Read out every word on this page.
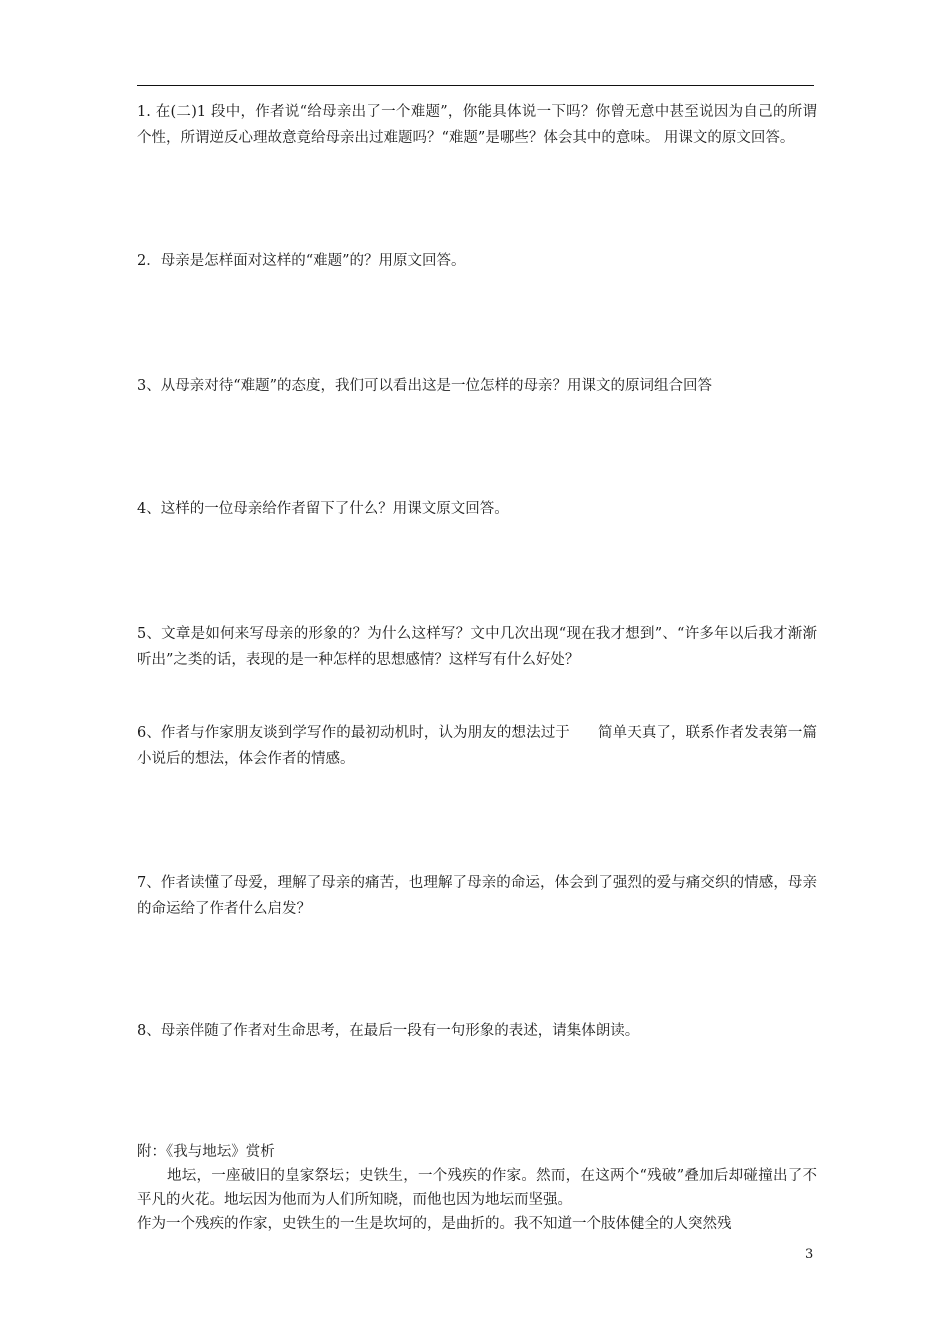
1. 在(二)1 段中，作者说“给母亲出了一个难题”，你能具体说一下吗？你曾无意中甚至说因为自己的所谓个性，所谓逆反心理故意竟给母亲出过难题吗？“难题”是哪些？体会其中的意味。 用课文的原文回答。

2．母亲是怎样面对这样的“难题”的？用原文回答。

3、从母亲对待“难题”的态度，我们可以看出这是一位怎样的母亲？用课文的原词组合回答

4、这样的一位母亲给作者留下了什么？用课文原文回答。

5、文章是如何来写母亲的形象的？为什么这样写？文中几次出现“现在我才想到”、“许多年以后我才渐渐听出”之类的话，表现的是一种怎样的思想感情？这样写有什么好处？

6、作者与作家朋友谈到学写作的最初动机时，认为朋友的想法过于 简单天真了，联系作者发表第一篇小说后的想法，体会作者的情感。

7、作者读懂了母爱，理解了母亲的痛苦，也理解了母亲的命运，体会到了强烈的爱与痛交织的情感，母亲的命运给了作者什么启发？

8、母亲伴随了作者对生命思考，在最后一段有一句形象的表述，请集体朗读。

附：《我与地坛》赏析

地坛，一座破旧的皇家祭坛；史铁生，一个残疾的作家。然而，在这两个“残破”叠加后却碰撞出了不平凡的火花。地坛因为他而为人们所知晓，而他也因为地坛而坚强。

作为一个残疾的作家，史铁生的一生是坎坷的，是曲折的。我不知道一个肢体健全的人突然残

3
